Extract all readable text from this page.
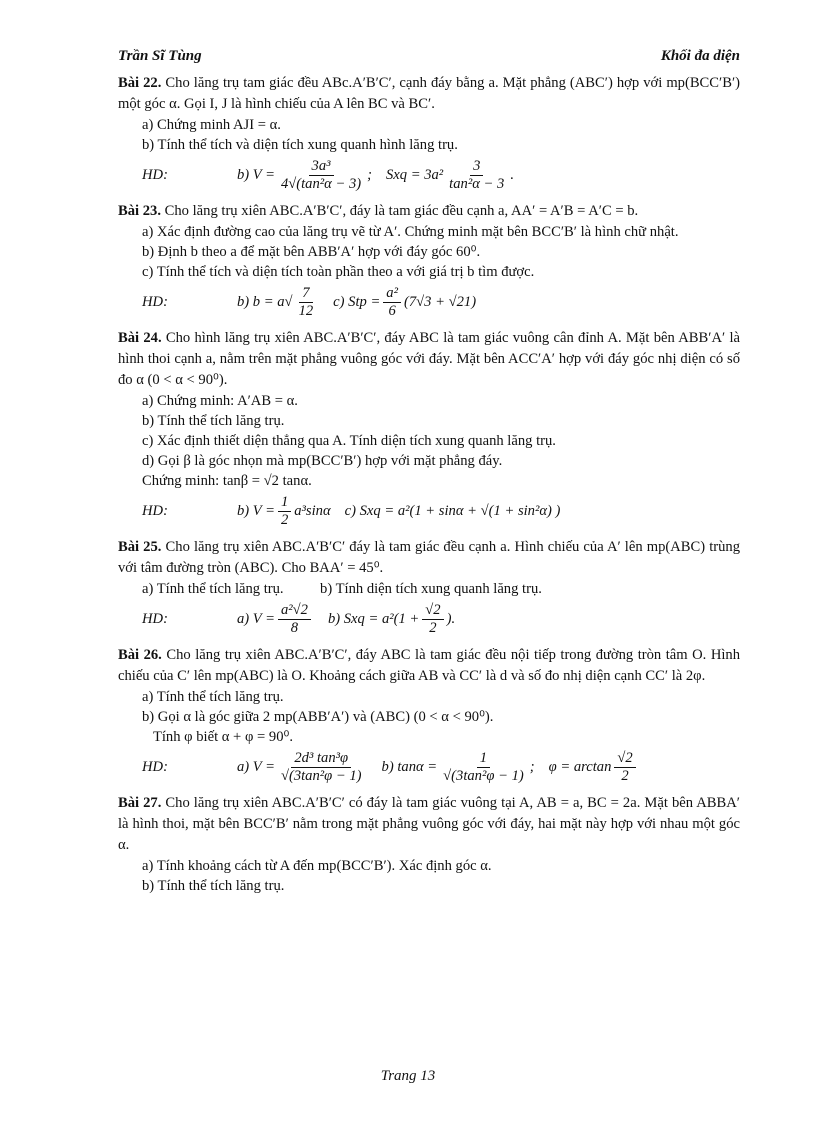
Trần Sĩ Tùng	Khối đa diện
Bài 22. Cho lăng trụ tam giác đều ABc.A′B′C′, cạnh đáy bằng a. Mặt phẳng (ABC′) hợp với mp(BCC′B′) một góc α. Gọi I, J là hình chiếu của A lên BC và BC′.
a) Chứng minh AJI = α.
b) Tính thể tích và diện tích xung quanh hình lăng trụ.
HD:	b) $V = \frac{\text{3a³}}{\text{4√(tan²α − 3)}}$ ; Sxq = $3a^2 \frac{3}{\text{tan²α − 3}}$ .
Bài 23. Cho lăng trụ xiên ABC.A′B′C′, đáy là tam giác đều cạnh a, AA′ = A′B = A′C = b.
a) Xác định đường cao của lăng trụ vẽ từ A′. Chứng minh mặt bên BCC′B′ là hình chữ nhật.
b) Định b theo a để mặt bên ABB′A′ hợp với đáy góc 60⁰.
c) Tính thể tích và diện tích toàn phần theo a với giá trị b tìm được.
HD:	b) $b = a√ \frac{7}{12} c$) Stp = $\frac{\text{a²}}{6} (7√3 + √21)$
Bài 24. Cho hình lăng trụ xiên ABC.A′B′C′, đáy ABC là tam giác vuông cân đỉnh A. Mặt bên ABB′A′ là hình thoi cạnh a, nằm trên mặt phẳng vuông góc với đáy. Mặt bên ACC′A′ hợp với đáy góc nhị diện có số đo α (0 < α < 90⁰).
a) Chứng minh: A′AB = α.
b) Tính thể tích lăng trụ.
c) Xác định thiết diện thẳng qua A. Tính diện tích xung quanh lăng trụ.
d) Gọi β là góc nhọn mà mp(BCC′B′) hợp với mặt phẳng đáy.
Chứng minh: tanβ = √2 tanα.
HD:	b) $V = \frac{1}{2} a^3\sin\alpha$ c) Sxq = a²(1 + sinα + √(1 + sin²α) )
Bài 25. Cho lăng trụ xiên ABC.A′B′C′ đáy là tam giác đều cạnh a. Hình chiếu của A′ lên mp(ABC) trùng với tâm đường tròn (ABC). Cho BAA′ = 45⁰.
a) Tính thể tích lăng trụ.          b) Tính diện tích xung quanh lăng trụ.
HD:	a) $V = \frac{\text{a²√2}}{8} b$) Sxq = $a^2(1 + \frac{√2}{2}$ ).
Bài 26. Cho lăng trụ xiên ABC.A′B′C′, đáy ABC là tam giác đều nội tiếp trong đường tròn tâm O. Hình chiếu của C′ lên mp(ABC) là O. Khoảng cách giữa AB và CC′ là d và số đo nhị diện cạnh CC′ là 2φ.
a) Tính thể tích lăng trụ.
b) Gọi α là góc giữa 2 mp(ABB′A′) và (ABC) (0 < α < 90⁰).
Tính φ biết α + φ = 90⁰.
HD:	a) $V = \frac{\text{2d³ tan³φ}}{\text{√(3tan²φ − 1)}} b$) $\tan\alpha = \frac{1}{\text{√(3tan²φ − 1)}}$ ; $\varphi = \arctan \frac{√2}{2}$
Bài 27. Cho lăng trụ xiên ABC.A′B′C′ có đáy là tam giác vuông tại A, AB = a, BC = 2a. Mặt bên ABBA′ là hình thoi, mặt bên BCC′B′ nằm trong mặt phẳng vuông góc với đáy, hai mặt này hợp với nhau một góc α.
a) Tính khoảng cách từ A đến mp(BCC′B′). Xác định góc α.
b) Tính thể tích lăng trụ.
Trang 13
